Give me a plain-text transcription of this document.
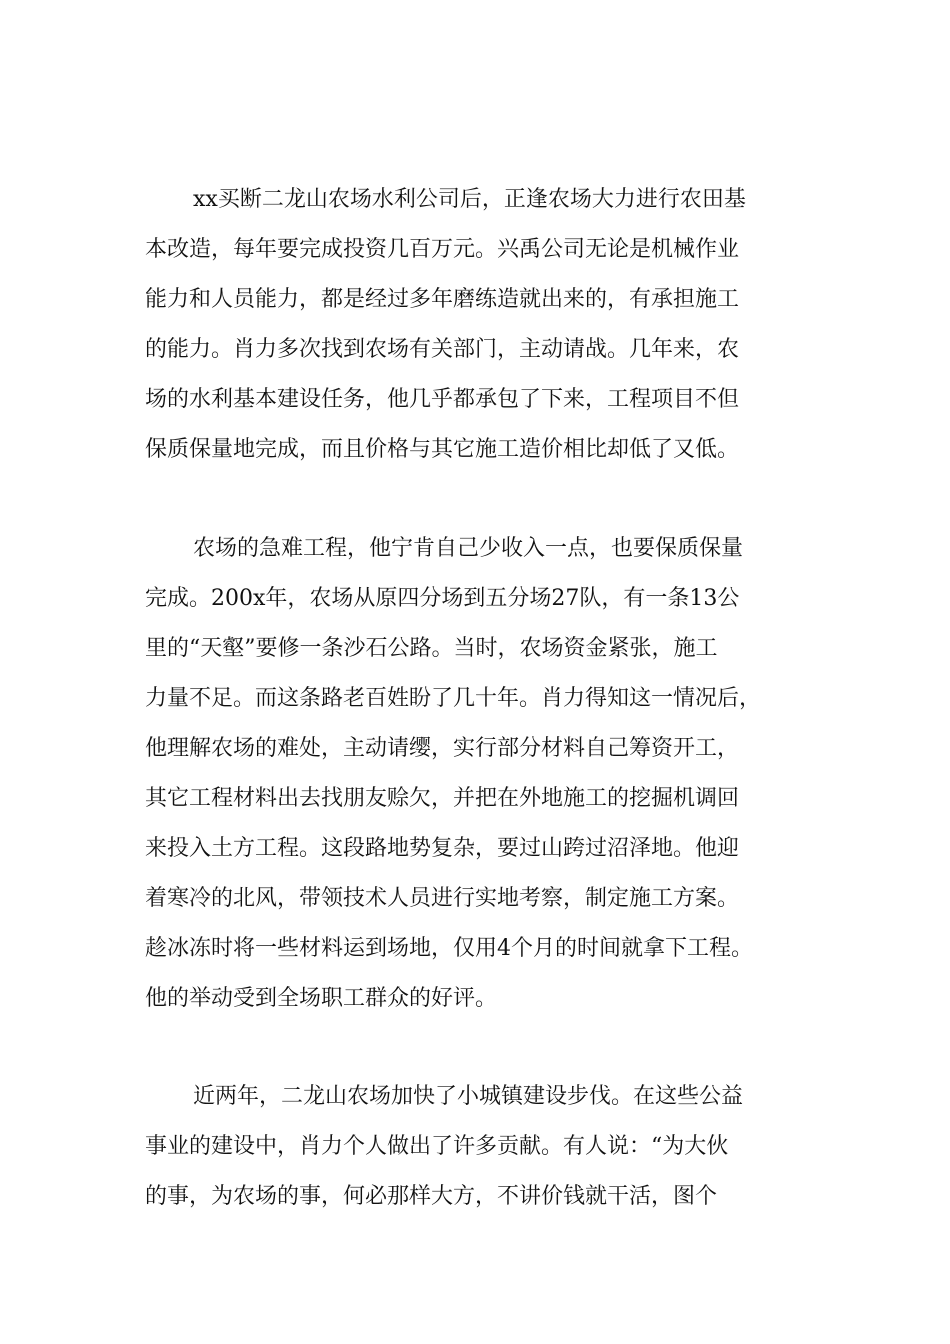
xx买断二龙山农场水利公司后，正逢农场大力进行农田基
本改造，每年要完成投资几百万元。兴禹公司无论是机械作业
能力和人员能力，都是经过多年磨练造就出来的，有承担施工
的能力。肖力多次找到农场有关部门，主动请战。几年来，农
场的水利基本建设任务，他几乎都承包了下来，工程项目不但
保质保量地完成，而且价格与其它施工造价相比却低了又低。
农场的急难工程，他宁肯自己少收入一点，也要保质保量
完成。200x年，农场从原四分场到五分场27队，有一条13公
里的“天壑”要修一条沙石公路。当时，农场资金紧张，施工
力量不足。而这条路老百姓盼了几十年。肖力得知这一情况后，
他理解农场的难处，主动请缨，实行部分材料自己筹资开工，
其它工程材料出去找朋友赊欠，并把在外地施工的挖掘机调回
来投入土方工程。这段路地势复杂，要过山跨过沼泽地。他迎
着寒冷的北风，带领技术人员进行实地考察，制定施工方案。
趁冰冻时将一些材料运到场地，仅用4个月的时间就拿下工程。
他的举动受到全场职工群众的好评。
近两年，二龙山农场加快了小城镇建设步伐。在这些公益
事业的建设中，肖力个人做出了许多贡献。有人说：“为大伙
的事，为农场的事，何必那样大方，不讲价钱就干活，图个
